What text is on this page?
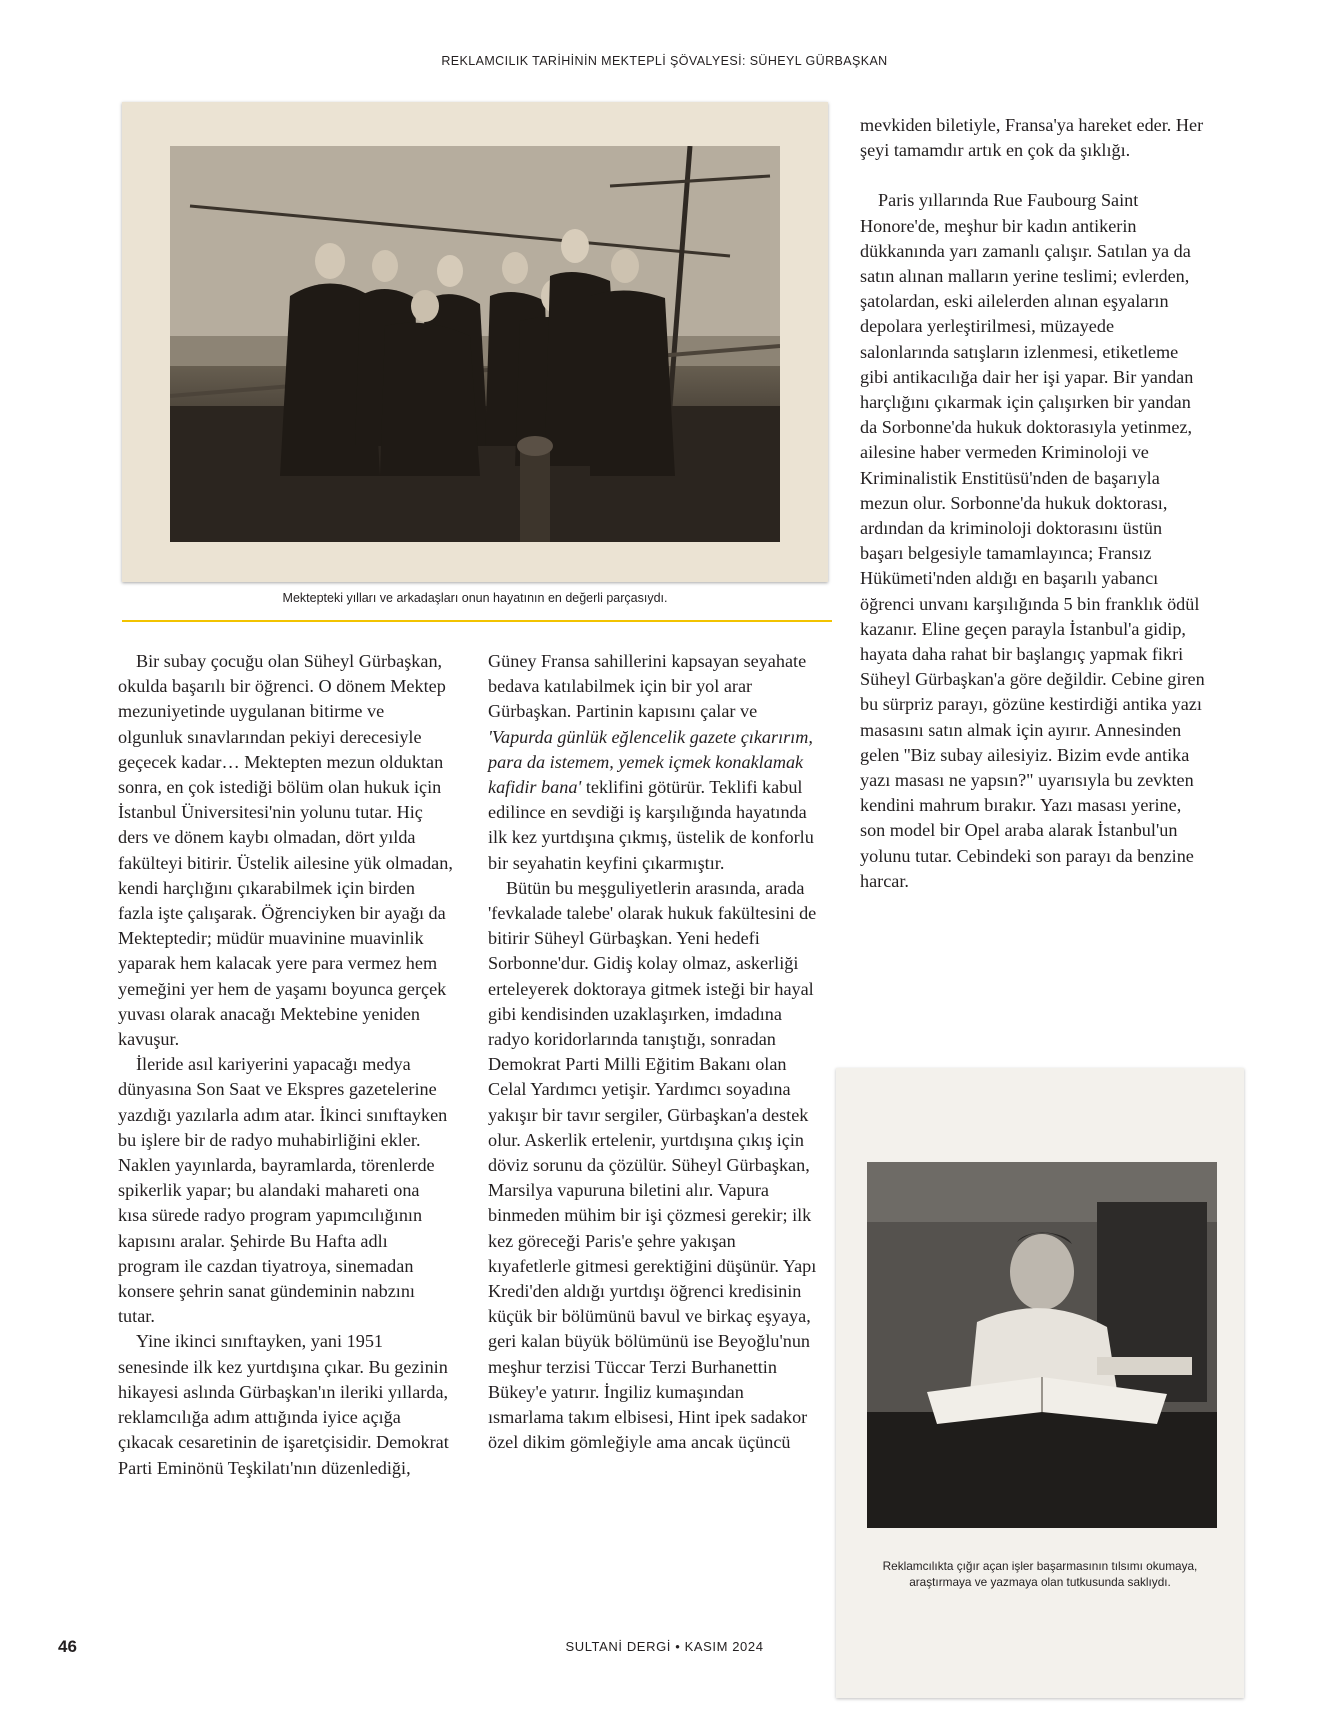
REKLAMCILIK TARİHİNİN MEKTEPLİ ŞÖVALYESİ: SÜHEYL GÜRBAŞKAN
Mektepteki yılları ve arkadaşları onun hayatının en değerli parçasıydı.

Bir subay çocuğu olan Süheyl Gürbaşkan, okulda başarılı bir öğrenci. O dönem Mektep mezuniyetinde uygulanan bitirme ve olgunluk sınavlarından pekiyi derecesiyle geçecek kadar… Mektepten mezun olduktan sonra, en çok istediği bölüm olan hukuk için İstanbul Üniversitesi'nin yolunu tutar. Hiç ders ve dönem kaybı olmadan, dört yılda fakülteyi bitirir. Üstelik ailesine yük olmadan, kendi harçlığını çıkarabilmek için birden fazla işte çalışarak. Öğrenciyken bir ayağı da Mekteptedir; müdür muavinine muavinlik yaparak hem kalacak yere para vermez hem yemeğini yer hem de yaşamı boyunca gerçek yuvası olarak anacağı Mektebine yeniden kavuşur.

İleride asıl kariyerini yapacağı medya dünyasına Son Saat ve Ekspres gazetelerine yazdığı yazılarla adım atar. İkinci sınıftayken bu işlere bir de radyo muhabirliğini ekler. Naklen yayınlarda, bayramlarda, törenlerde spikerlik yapar; bu alandaki mahareti ona kısa sürede radyo program yapımcılığının kapısını aralar. Şehirde Bu Hafta adlı program ile cazdan tiyatroya, sinemadan konsere şehrin sanat gündeminin nabzını tutar.

Yine ikinci sınıftayken, yani 1951 senesinde ilk kez yurtdışına çıkar. Bu gezinin hikayesi aslında Gürbaşkan'ın ileriki yıllarda, reklamcılığa adım attığında iyice açığa çıkacak cesaretinin de işaretçisidir. Demokrat Parti Eminönü Teşkilatı'nın düzenlediği,

Güney Fransa sahillerini kapsayan seyahate bedava katılabilmek için bir yol arar Gürbaşkan. Partinin kapısını çalar ve 'Vapurda günlük eğlencelik gazete çıkarırım, para da istemem, yemek içmek konaklamak kafidir bana' teklifini götürür. Teklifi kabul edilince en sevdiği iş karşılığında hayatında ilk kez yurtdışına çıkmış, üstelik de konforlu bir seyahatin keyfini çıkarmıştır.

Bütün bu meşguliyetlerin arasında, arada 'fevkalade talebe' olarak hukuk fakültesini de bitirir Süheyl Gürbaşkan. Yeni hedefi Sorbonne'dur. Gidiş kolay olmaz, askerliği erteleyerek doktoraya gitmek isteği bir hayal gibi kendisinden uzaklaşırken, imdadına radyo koridorlarında tanıştığı, sonradan Demokrat Parti Milli Eğitim Bakanı olan Celal Yardımcı yetişir. Yardımcı soyadına yakışır bir tavır sergiler, Gürbaşkan'a destek olur. Askerlik ertelenir, yurtdışına çıkış için döviz sorunu da çözülür. Süheyl Gürbaşkan, Marsilya vapuruna biletini alır. Vapura binmeden mühim bir işi çözmesi gerekir; ilk kez göreceği Paris'e şehre yakışan kıyafetlerle gitmesi gerektiğini düşünür. Yapı Kredi'den aldığı yurtdışı öğrenci kredisinin küçük bir bölümünü bavul ve birkaç eşyaya, geri kalan büyük bölümünü ise Beyoğlu'nun meşhur terzisi Tüccar Terzi Burhanettin Bükey'e yatırır. İngiliz kumaşından ısmarlama takım elbisesi, Hint ipek sadakor özel dikim gömleğiyle ama ancak üçüncü

mevkiden biletiyle, Fransa'ya hareket eder. Her şeyi tamamdır artık en çok da şıklığı.

Paris yıllarında Rue Faubourg Saint Honore'de, meşhur bir kadın antikerin dükkanında yarı zamanlı çalışır. Satılan ya da satın alınan malların yerine teslimi; evlerden, şatolardan, eski ailelerden alınan eşyaların depolara yerleştirilmesi, müzayede salonlarında satışların izlenmesi, etiketleme gibi antikacılığa dair her işi yapar. Bir yandan harçlığını çıkarmak için çalışırken bir yandan da Sorbonne'da hukuk doktorasıyla yetinmez, ailesine haber vermeden Kriminoloji ve Kriminalistik Enstitüsü'nden de başarıyla mezun olur. Sorbonne'da hukuk doktorası, ardından da kriminoloji doktorasını üstün başarı belgesiyle tamamlayınca; Fransız Hükümeti'nden aldığı en başarılı yabancı öğrenci unvanı karşılığında 5 bin franklık ödül kazanır. Eline geçen parayla İstanbul'a gidip, hayata daha rahat bir başlangıç yapmak fikri Süheyl Gürbaşkan'a göre değildir. Cebine giren bu sürpriz parayı, gözüne kestirdiği antika yazı masasını satın almak için ayırır. Annesinden gelen ''Biz subay ailesiyiz. Bizim evde antika yazı masası ne yapsın?" uyarısıyla bu zevkten kendini mahrum bırakır. Yazı masası yerine, son model bir Opel araba alarak İstanbul'un yolunu tutar. Cebindeki son parayı da benzine harcar.

Reklamcılıkta çığır açan işler başarmasının tılsımı okumaya,
araştırmaya ve yazmaya olan tutkusunda saklıydı.
46	SULTANİ DERGİ • KASIM 2024
